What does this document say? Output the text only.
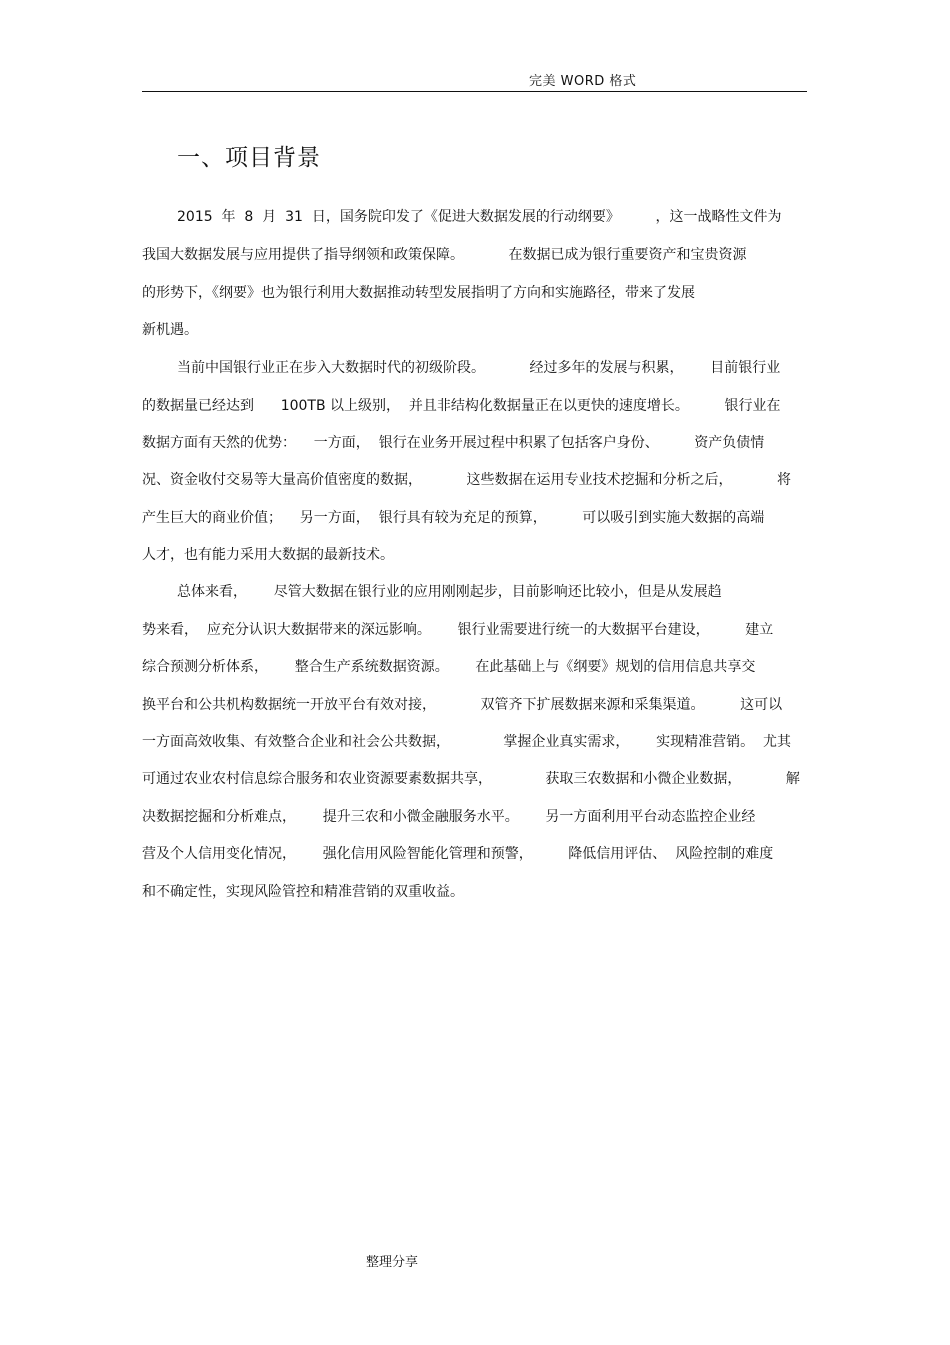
完美 WORD 格式
一、项目背景
2015  年  8  月  31  日，国务院印发了《促进大数据发展的行动纲要》        ，这一战略性文件为
我国大数据发展与应用提供了指导纲领和政策保障。          在数据已成为银行重要资产和宝贵资源
的形势下，《纲要》也为银行利用大数据推动转型发展指明了方向和实施路径，带来了发展
新机遇。
当前中国银行业正在步入大数据时代的初级阶段。          经过多年的发展与积累，      目前银行业
的数据量已经达到      100TB 以上级别，  并且非结构化数据量正在以更快的速度增长。        银行业在
数据方面有天然的优势：    一方面，  银行在业务开展过程中积累了包括客户身份、        资产负债情
况、资金收付交易等大量高价值密度的数据，          这些数据在运用专业技术挖掘和分析之后，          将
产生巨大的商业价值；    另一方面，  银行具有较为充足的预算，        可以吸引到实施大数据的高端
人才，也有能力采用大数据的最新技术。
总体来看，      尽管大数据在银行业的应用刚刚起步，目前影响还比较小，但是从发展趋
势来看，  应充分认识大数据带来的深远影响。      银行业需要进行统一的大数据平台建设，        建立
综合预测分析体系，      整合生产系统数据资源。      在此基础上与《纲要》规划的信用信息共享交
换平台和公共机构数据统一开放平台有效对接，          双管齐下扩展数据来源和采集渠道。        这可以
一方面高效收集、有效整合企业和社会公共数据，            掌握企业真实需求，      实现精准营销。  尤其
可通过农业农村信息综合服务和农业资源要素数据共享，            获取三农数据和小微企业数据，          解
决数据挖掘和分析难点，      提升三农和小微金融服务水平。      另一方面利用平台动态监控企业经
营及个人信用变化情况，      强化信用风险智能化管理和预警，        降低信用评估、  风险控制的难度
和不确定性，实现风险管控和精准营销的双重收益。
整理分享
